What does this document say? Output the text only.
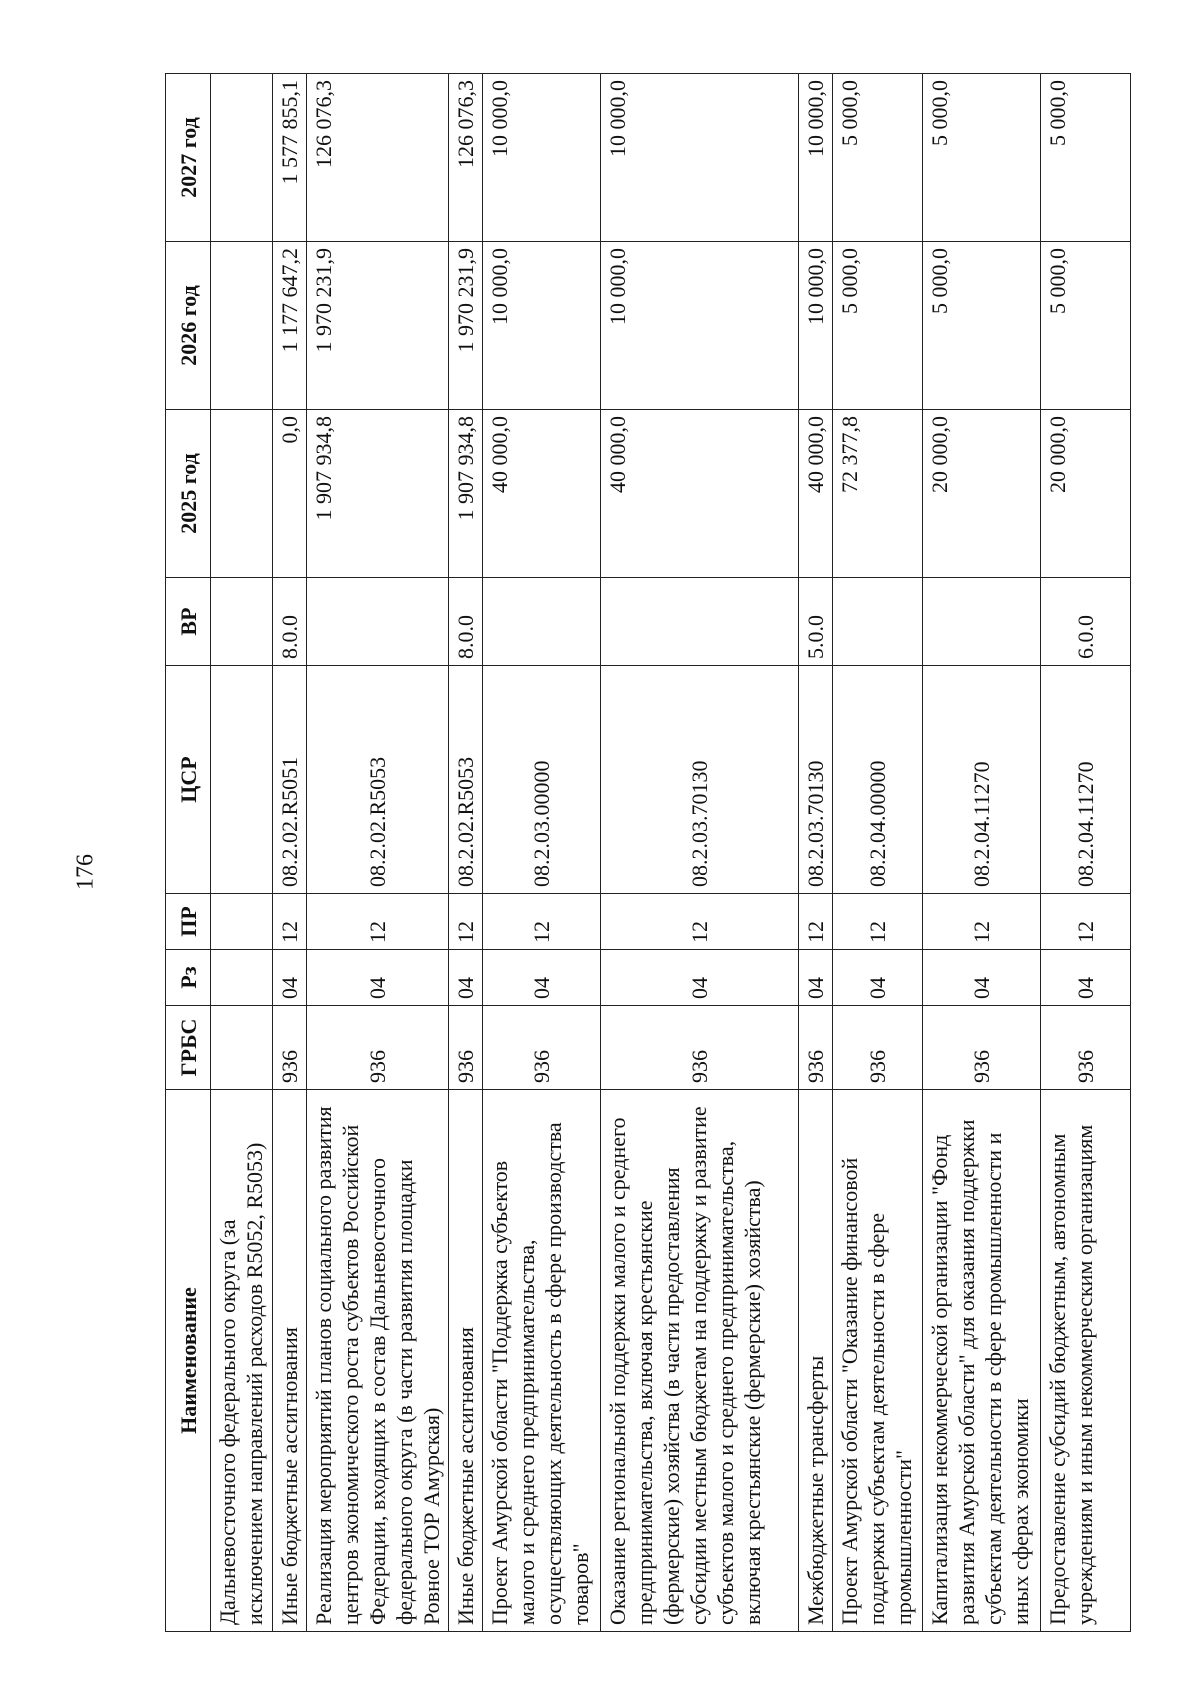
176
Наименование	ГРБС	Рз	ПР	ЦСР	ВР	2025 год	2026 год	2027 год
Дальневосточного федерального округа (за исключением направлений расходов R5052, R5053)								
Иные бюджетные ассигнования	936	04	12	08.2.02.R5051	8.0.0	0,0	1 177 647,2	1 577 855,1
Реализация мероприятий планов социального развития центров экономического роста субъектов Российской Федерации, входящих в состав Дальневосточного федерального округа (в части развития площадки Ровное ТОР Амурская)	936	04	12	08.2.02.R5053		1 907 934,8	1 970 231,9	126 076,3
Иные бюджетные ассигнования	936	04	12	08.2.02.R5053	8.0.0	1 907 934,8	1 970 231,9	126 076,3
Проект Амурской области "Поддержка субъектов малого и среднего предпринимательства, осуществляющих деятельность в сфере производства товаров"	936	04	12	08.2.03.00000		40 000,0	10 000,0	10 000,0
Оказание региональной поддержки малого и среднего предпринимательства, включая крестьянские (фермерские) хозяйства (в части предоставления субсидии местным бюджетам на поддержку и развитие субъектов малого и среднего предпринимательства, включая крестьянские (фермерские) хозяйства)	936	04	12	08.2.03.70130		40 000,0	10 000,0	10 000,0
Межбюджетные трансферты	936	04	12	08.2.03.70130	5.0.0	40 000,0	10 000,0	10 000,0
Проект Амурской области "Оказание финансовой поддержки субъектам деятельности в сфере промышленности"	936	04	12	08.2.04.00000		72 377,8	5 000,0	5 000,0
Капитализация некоммерческой организации "Фонд развития Амурской области" для оказания поддержки субъектам деятельности в сфере промышленности и иных сферах экономики	936	04	12	08.2.04.11270		20 000,0	5 000,0	5 000,0
Предоставление субсидий бюджетным, автономным учреждениям и иным некоммерческим организациям	936	04	12	08.2.04.11270	6.0.0	20 000,0	5 000,0	5 000,0
